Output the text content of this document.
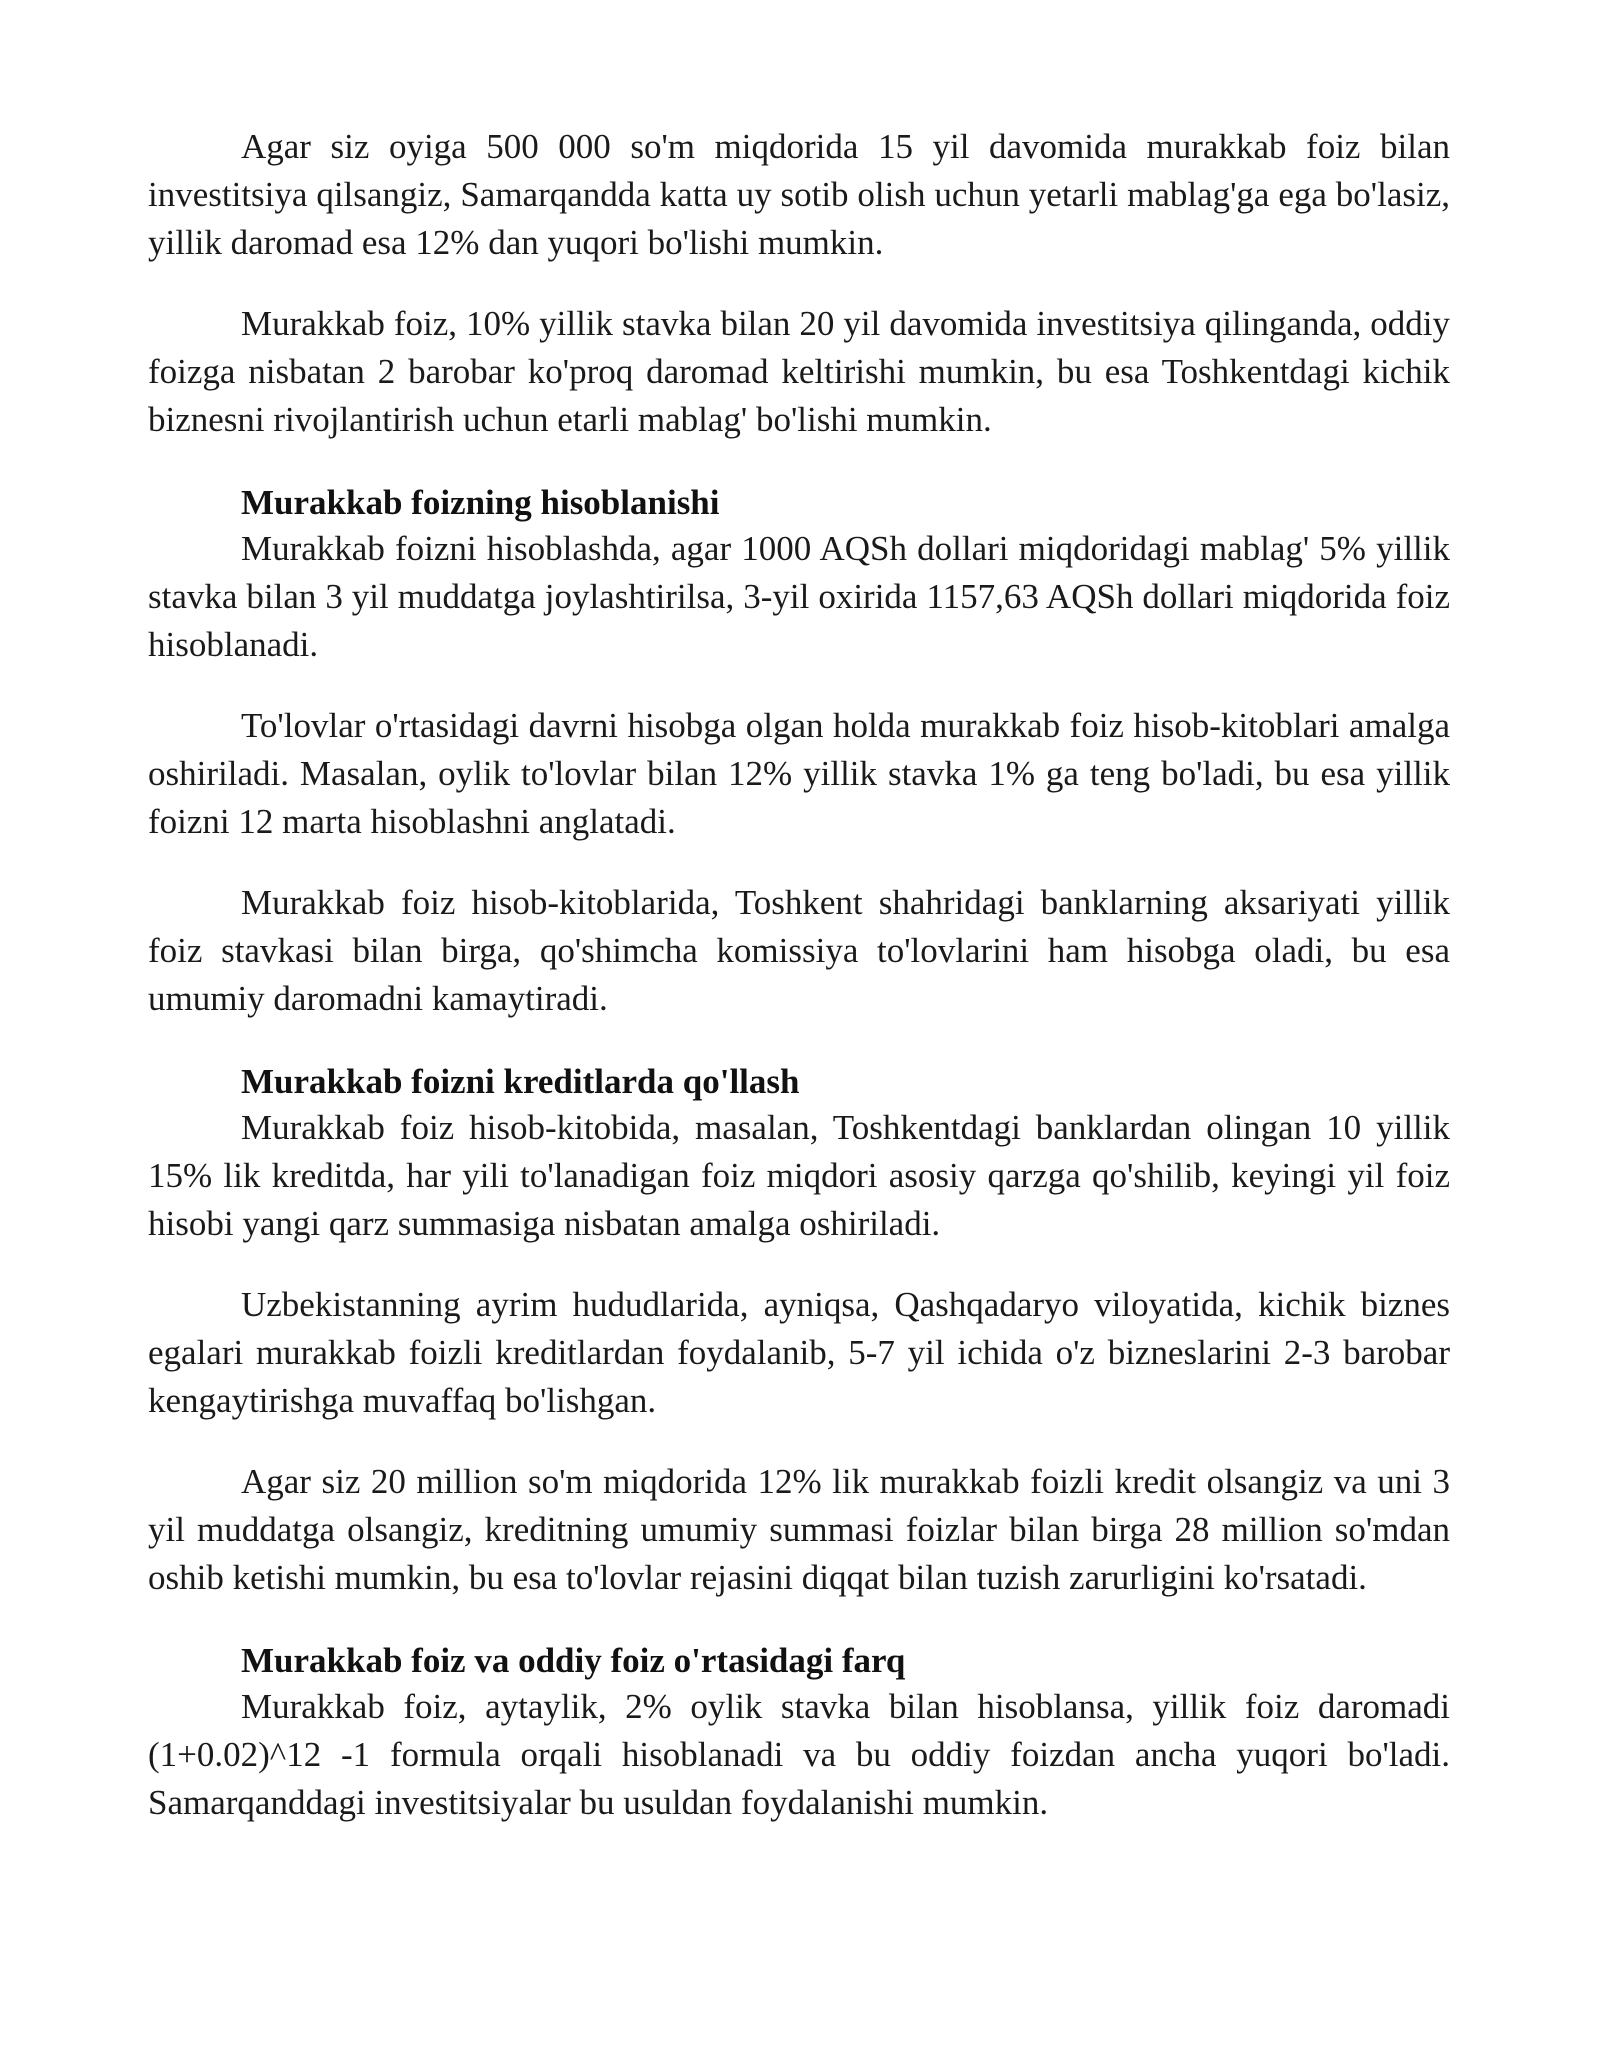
Agar siz oyiga 500 000 so'm miqdorida 15 yil davomida murakkab foiz bilan investitsiya qilsangiz, Samarqandda katta uy sotib olish uchun yetarli mablag'ga ega bo'lasiz, yillik daromad esa 12% dan yuqori bo'lishi mumkin.

Murakkab foiz, 10% yillik stavka bilan 20 yil davomida investitsiya qilinganda, oddiy foizga nisbatan 2 barobar ko'proq daromad keltirishi mumkin, bu esa Toshkentdagi kichik biznesni rivojlantirish uchun etarli mablag' bo'lishi mumkin.

Murakkab foizning hisoblanishi

Murakkab foizni hisoblashda, agar 1000 AQSh dollari miqdoridagi mablag' 5% yillik stavka bilan 3 yil muddatga joylashtirilsa, 3-yil oxirida 1157,63 AQSh dollari miqdorida foiz hisoblanadi.

To'lovlar o'rtasidagi davrni hisobga olgan holda murakkab foiz hisob-kitoblari amalga oshiriladi. Masalan, oylik to'lovlar bilan 12% yillik stavka 1% ga teng bo'ladi, bu esa yillik foizni 12 marta hisoblashni anglatadi.

Murakkab foiz hisob-kitoblarida, Toshkent shahridagi banklarning aksariyati yillik foiz stavkasi bilan birga, qo'shimcha komissiya to'lovlarini ham hisobga oladi, bu esa umumiy daromadni kamaytiradi.

Murakkab foizni kreditlarda qo'llash

Murakkab foiz hisob-kitobida, masalan, Toshkentdagi banklardan olingan 10 yillik 15% lik kreditda, har yili to'lanadigan foiz miqdori asosiy qarzga qo'shilib, keyingi yil foiz hisobi yangi qarz summasiga nisbatan amalga oshiriladi.

Uzbekistanning ayrim hududlarida, ayniqsa, Qashqadaryo viloyatida, kichik biznes egalari murakkab foizli kreditlardan foydalanib, 5-7 yil ichida o'z bizneslarini 2-3 barobar kengaytirishga muvaffaq bo'lishgan.

Agar siz 20 million so'm miqdorida 12% lik murakkab foizli kredit olsangiz va uni 3 yil muddatga olsangiz, kreditning umumiy summasi foizlar bilan birga 28 million so'mdan oshib ketishi mumkin, bu esa to'lovlar rejasini diqqat bilan tuzish zarurligini ko'rsatadi.

Murakkab foiz va oddiy foiz o'rtasidagi farq

Murakkab foiz, aytaylik, 2% oylik stavka bilan hisoblansa, yillik foiz daromadi (1+0.02)^12 -1 formula orqali hisoblanadi va bu oddiy foizdan ancha yuqori bo'ladi. Samarqanddagi investitsiyalar bu usuldan foydalanishi mumkin.
